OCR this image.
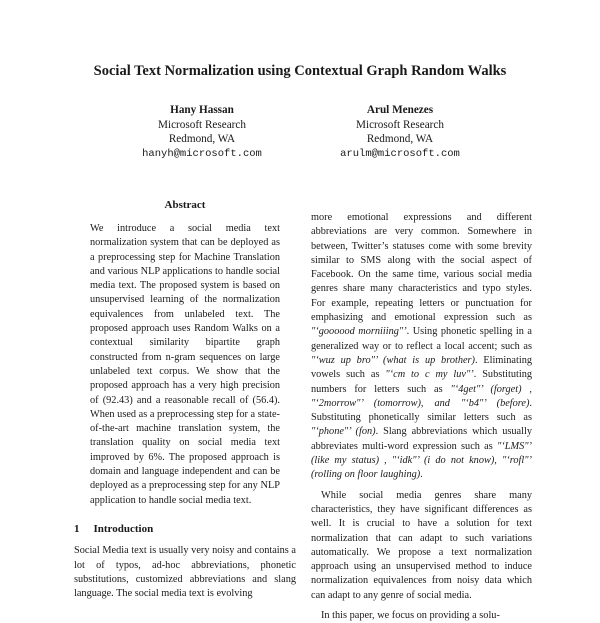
Social Text Normalization using Contextual Graph Random Walks
Hany Hassan
Microsoft Research
Redmond, WA
hanyh@microsoft.com
Arul Menezes
Microsoft Research
Redmond, WA
arulm@microsoft.com
Abstract

We introduce a social media text normalization system that can be deployed as a preprocessing step for Machine Translation and various NLP applications to handle social media text. The proposed system is based on unsupervised learning of the normalization equivalences from unlabeled text. The proposed approach uses Random Walks on a contextual similarity bipartite graph constructed from n-gram sequences on large unlabeled text corpus. We show that the proposed approach has a very high precision of (92.43) and a reasonable recall of (56.4). When used as a preprocessing step for a state-of-the-art machine translation system, the translation quality on social media text improved by 6%. The proposed approach is domain and language independent and can be deployed as a preprocessing step for any NLP application to handle social media text.

1 Introduction

Social Media text is usually very noisy and contains a lot of typos, ad-hoc abbreviations, phonetic substitutions, customized abbreviations and slang language. The social media text is evolving

more emotional expressions and different abbreviations are very common. Somewhere in between, Twitter’s statuses come with some brevity similar to SMS along with the social aspect of Facebook. On the same time, various social media genres share many characteristics and typo styles. For example, repeating letters or punctuation for emphasizing and emotional expression such as "‘goooood morniiing"’. Using phonetic spelling in a generalized way or to reflect a local accent; such as "‘wuz up bro"’ (what is up brother). Eliminating vowels such as "‘cm to c my luv"’. Substituting numbers for letters such as "‘4get"’ (forget) , "‘2morrow"’ (tomorrow), and "‘b4"’ (before). Substituting phonetically similar letters such as "‘phone"’ (fon). Slang abbreviations which usually abbreviates multi-word expression such as "‘LMS"’ (like my status) , "‘idk"’ (i do not know), "‘rofl"’ (rolling on floor laughing).

While social media genres share many characteristics, they have significant differences as well. It is crucial to have a solution for text normalization that can adapt to such variations automatically. We propose a text normalization approach using an unsupervised method to induce normalization equivalences from noisy data which can adapt to any genre of social media.

In this paper, we focus on providing a solu-
